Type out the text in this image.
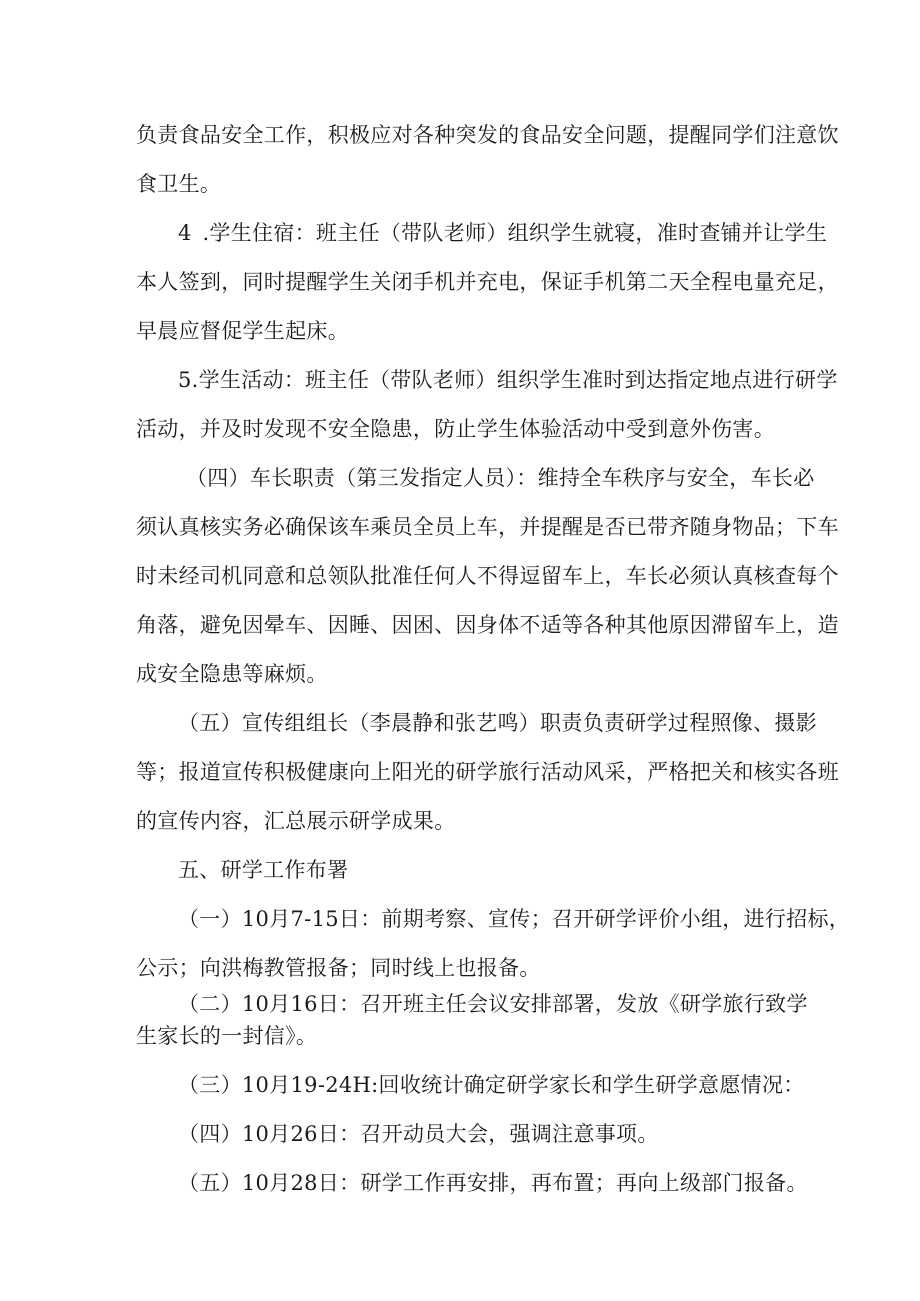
负责食品安全工作，积极应对各种突发的食品安全问题，提醒同学们注意饮
食卫生。
4 .学生住宿：班主任（带队老师）组织学生就寝，准时查铺并让学生
本人签到，同时提醒学生关闭手机并充电，保证手机第二天全程电量充足，
早晨应督促学生起床。
5.学生活动：班主任（带队老师）组织学生准时到达指定地点进行研学
活动，并及时发现不安全隐患，防止学生体验活动中受到意外伤害。
（四）车长职责（第三发指定人员）：维持全车秩序与安全，车长必
须认真核实务必确保该车乘员全员上车，并提醒是否已带齐随身物品；下车
时未经司机同意和总领队批准任何人不得逗留车上，车长必须认真核查每个
角落，避免因晕车、因睡、因困、因身体不适等各种其他原因滞留车上，造
成安全隐患等麻烦。
（五）宣传组组长（李晨静和张艺鸣）职责负责研学过程照像、摄影
等；报道宣传积极健康向上阳光的研学旅行活动风采，严格把关和核实各班
的宣传内容，汇总展示研学成果。
五、研学工作布署
（一）10月7-15日：前期考察、宣传；召开研学评价小组，进行招标，
公示；向洪梅教管报备；同时线上也报备。
（二）10月16日：召开班主任会议安排部署，发放《研学旅行致学
生家长的一封信》。
（三）10月19-24H:回收统计确定研学家长和学生研学意愿情况：
（四）10月26日：召开动员大会，强调注意事项。
（五）10月28日：研学工作再安排，再布置；再向上级部门报备。
